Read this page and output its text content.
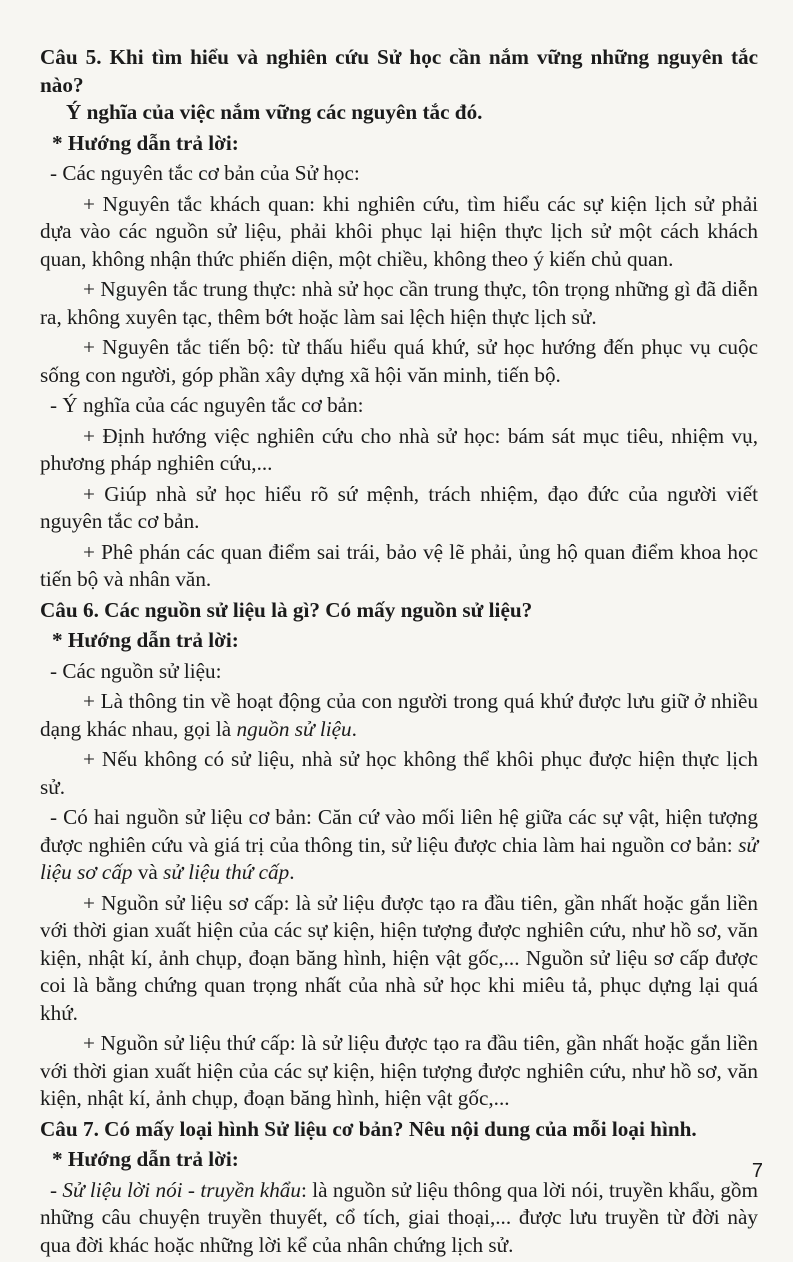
Câu 5. Khi tìm hiểu và nghiên cứu Sử học cần nắm vững những nguyên tắc nào?
Ý nghĩa của việc nắm vững các nguyên tắc đó.

* Hướng dẫn trả lời:

- Các nguyên tắc cơ bản của Sử học:

+ Nguyên tắc khách quan: khi nghiên cứu, tìm hiểu các sự kiện lịch sử phải dựa vào các nguồn sử liệu, phải khôi phục lại hiện thực lịch sử một cách khách quan, không nhận thức phiến diện, một chiều, không theo ý kiến chủ quan.

+ Nguyên tắc trung thực: nhà sử học cần trung thực, tôn trọng những gì đã diễn ra, không xuyên tạc, thêm bớt hoặc làm sai lệch hiện thực lịch sử.

+ Nguyên tắc tiến bộ: từ thấu hiểu quá khứ, sử học hướng đến phục vụ cuộc sống con người, góp phần xây dựng xã hội văn minh, tiến bộ.

- Ý nghĩa của các nguyên tắc cơ bản:

+ Định hướng việc nghiên cứu cho nhà sử học: bám sát mục tiêu, nhiệm vụ, phương pháp nghiên cứu,...

+ Giúp nhà sử học hiểu rõ sứ mệnh, trách nhiệm, đạo đức của người viết nguyên tắc cơ bản.

+ Phê phán các quan điểm sai trái, bảo vệ lẽ phải, ủng hộ quan điểm khoa học tiến bộ và nhân văn.

Câu 6. Các nguồn sử liệu là gì? Có mấy nguồn sử liệu?

* Hướng dẫn trả lời:

- Các nguồn sử liệu:

+ Là thông tin về hoạt động của con người trong quá khứ được lưu giữ ở nhiều dạng khác nhau, gọi là nguồn sử liệu.

+ Nếu không có sử liệu, nhà sử học không thể khôi phục được hiện thực lịch sử.

- Có hai nguồn sử liệu cơ bản: Căn cứ vào mối liên hệ giữa các sự vật, hiện tượng được nghiên cứu và giá trị của thông tin, sử liệu được chia làm hai nguồn cơ bản: sử liệu sơ cấp và sử liệu thứ cấp.

+ Nguồn sử liệu sơ cấp: là sử liệu được tạo ra đầu tiên, gần nhất hoặc gắn liền với thời gian xuất hiện của các sự kiện, hiện tượng được nghiên cứu, như hồ sơ, văn kiện, nhật kí, ảnh chụp, đoạn băng hình, hiện vật gốc,... Nguồn sử liệu sơ cấp được coi là bằng chứng quan trọng nhất của nhà sử học khi miêu tả, phục dựng lại quá khứ.

+ Nguồn sử liệu thứ cấp: là sử liệu được tạo ra đầu tiên, gần nhất hoặc gắn liền với thời gian xuất hiện của các sự kiện, hiện tượng được nghiên cứu, như hồ sơ, văn kiện, nhật kí, ảnh chụp, đoạn băng hình, hiện vật gốc,...

Câu 7. Có mấy loại hình Sử liệu cơ bản? Nêu nội dung của mỗi loại hình.

* Hướng dẫn trả lời:

- Sử liệu lời nói - truyền khẩu: là nguồn sử liệu thông qua lời nói, truyền khẩu, gồm những câu chuyện truyền thuyết, cổ tích, giai thoại,... được lưu truyền từ đời này qua đời khác hoặc những lời kể của nhân chứng lịch sử.

7
